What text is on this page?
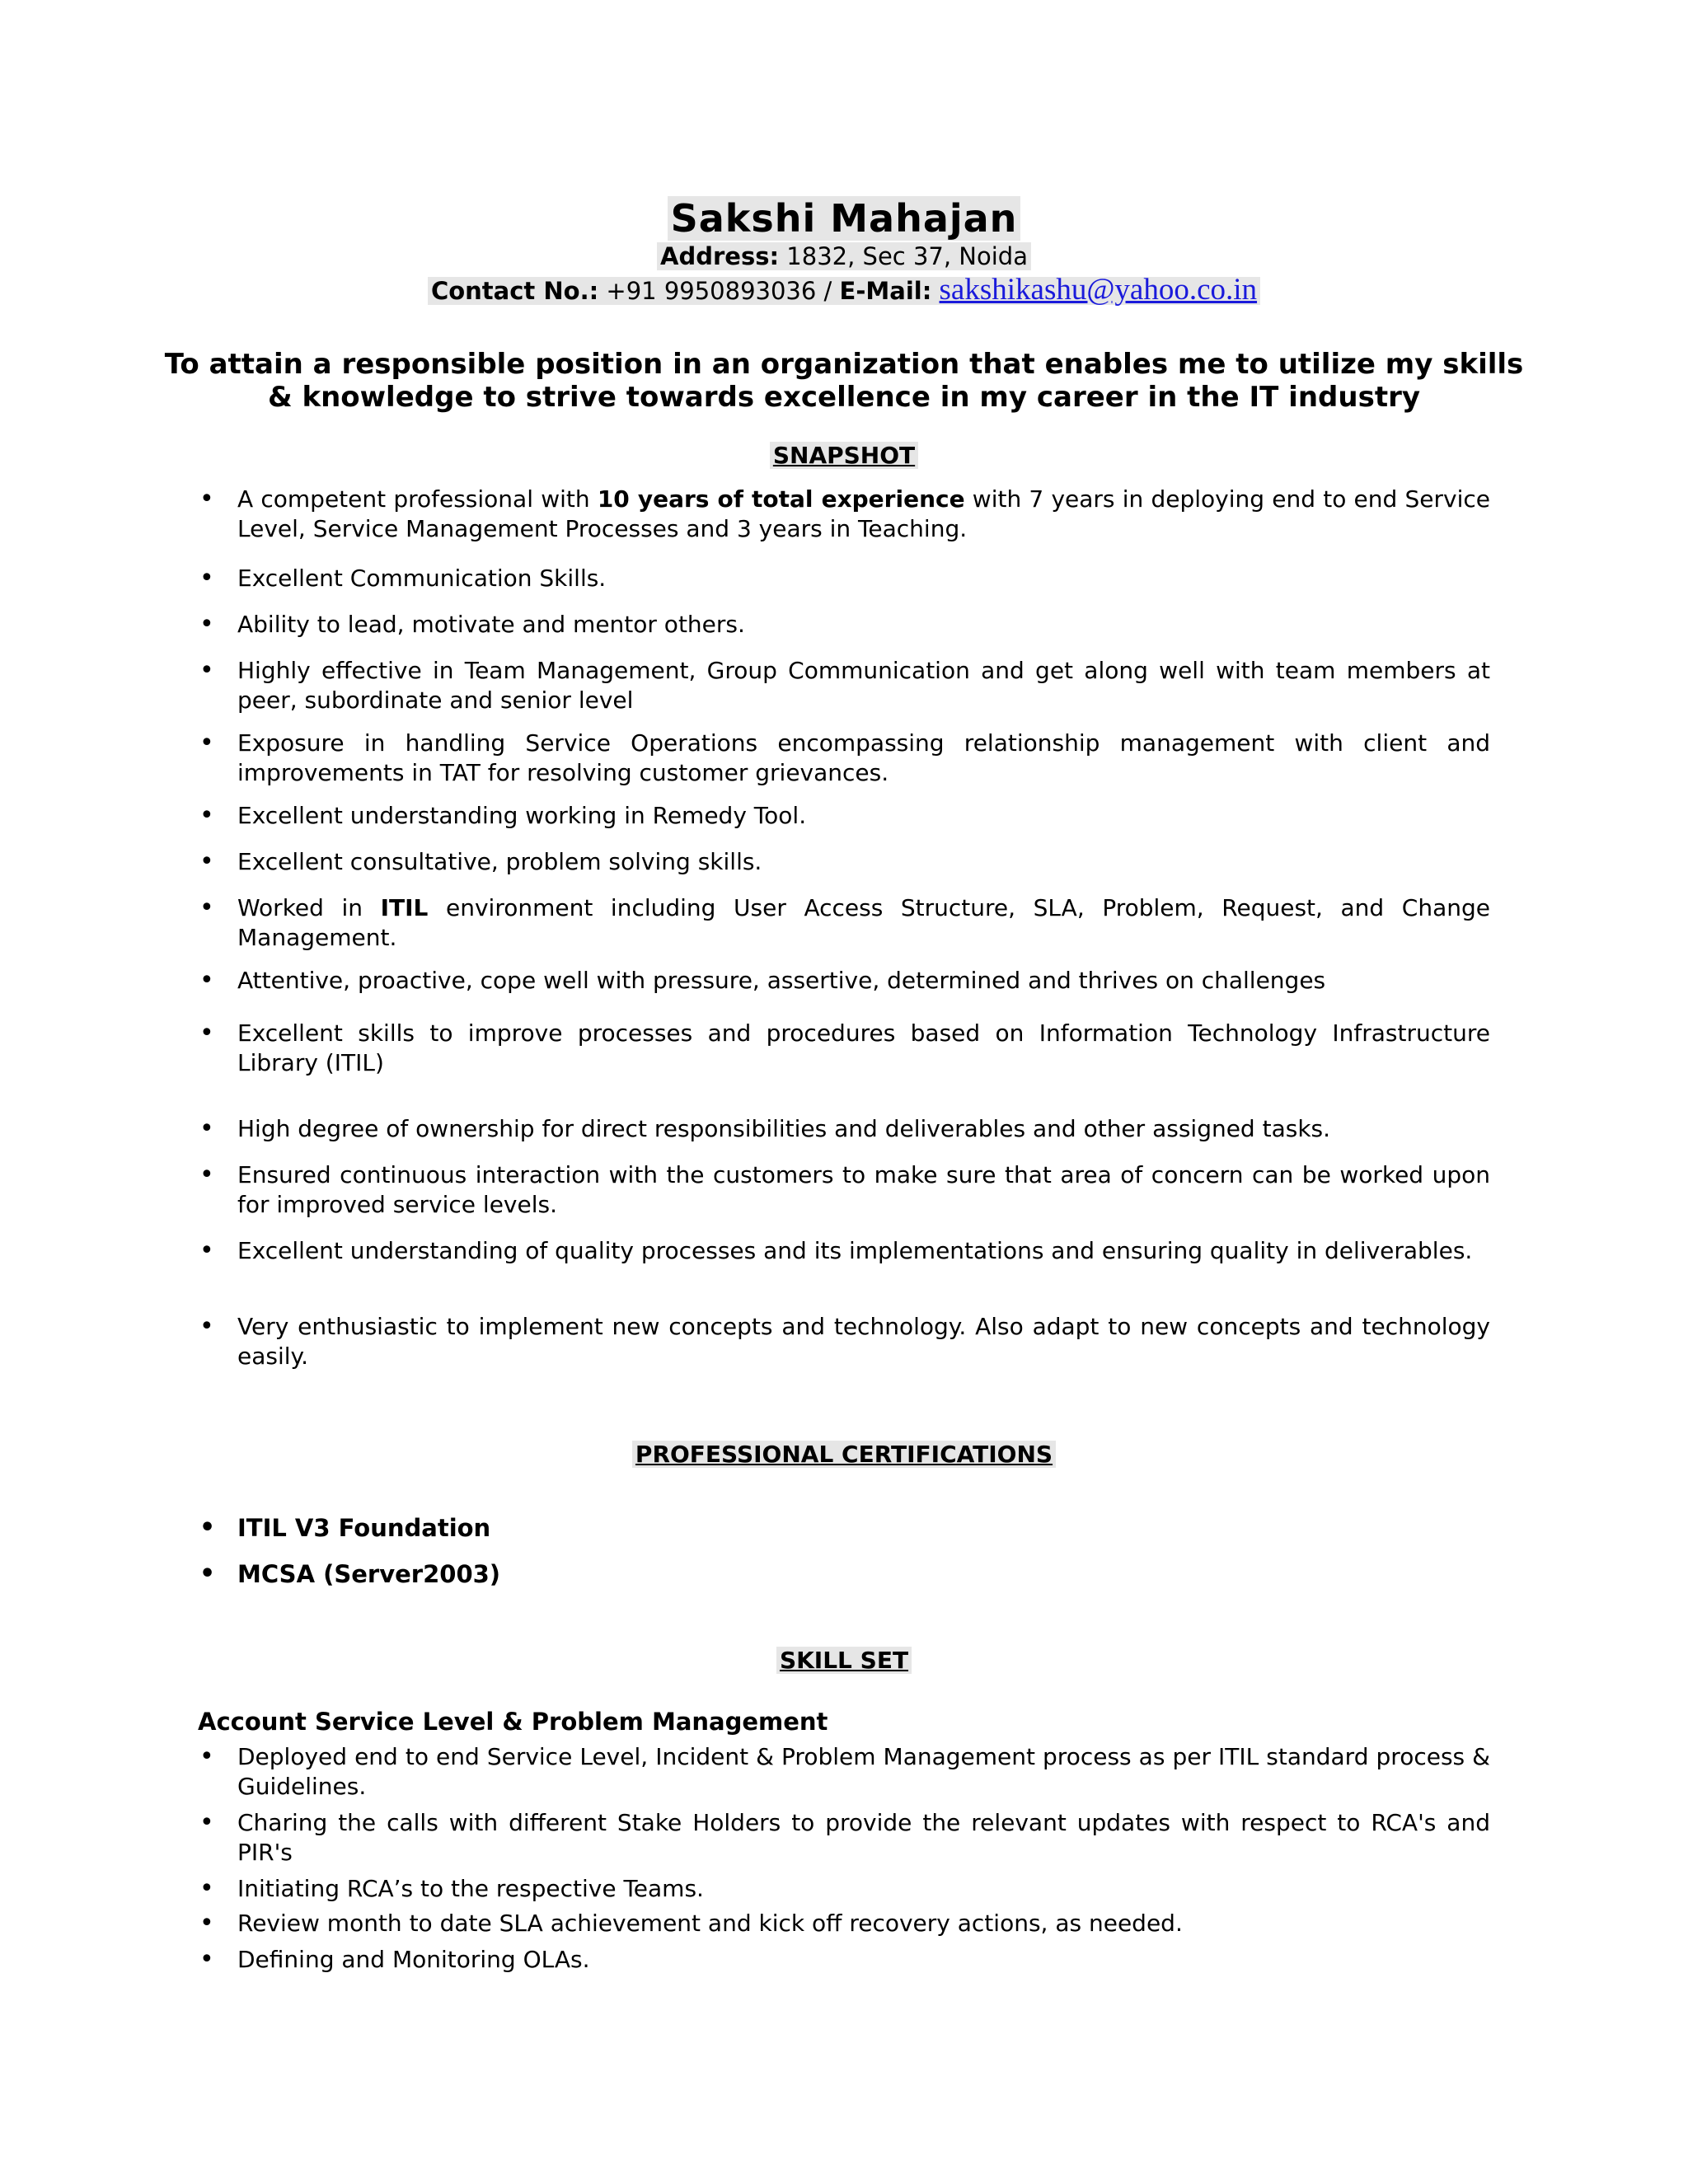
Sakshi Mahajan
Address: 1832, Sec 37, Noida
Contact No.: +91 9950893036 / E-Mail: sakshikashu@yahoo.co.in
To attain a responsible position in an organization that enables me to utilize my skills
& knowledge to strive towards excellence in my career in the IT industry
SNAPSHOT
• A competent professional with 10 years of total experience with 7 years in deploying end to end Service Level, Service Management Processes and 3 years in Teaching.
• Excellent Communication Skills.
• Ability to lead, motivate and mentor others.
• Highly effective in Team Management, Group Communication and get along well with team members at peer, subordinate and senior level
• Exposure in handling Service Operations encompassing relationship management with client and improvements in TAT for resolving customer grievances.
• Excellent understanding working in Remedy Tool.
• Excellent consultative, problem solving skills.
• Worked in ITIL environment including User Access Structure, SLA, Problem, Request, and Change Management.
• Attentive, proactive, cope well with pressure, assertive, determined and thrives on challenges
• Excellent skills to improve processes and procedures based on Information Technology Infrastructure Library (ITIL)
• High degree of ownership for direct responsibilities and deliverables and other assigned tasks.
• Ensured continuous interaction with the customers to make sure that area of concern can be worked upon for improved service levels.
• Excellent understanding of quality processes and its implementations and ensuring quality in deliverables.
• Very enthusiastic to implement new concepts and technology. Also adapt to new concepts and technology easily.
PROFESSIONAL CERTIFICATIONS
• ITIL V3 Foundation
• MCSA (Server2003)
SKILL SET
Account Service Level & Problem Management
• Deployed end to end Service Level, Incident & Problem Management process as per ITIL standard process & Guidelines.
• Charing the calls with different Stake Holders to provide the relevant updates with respect to RCA's and PIR's
• Initiating RCA’s to the respective Teams.
• Review month to date SLA achievement and kick off recovery actions, as needed.
• Defining and Monitoring OLAs.
